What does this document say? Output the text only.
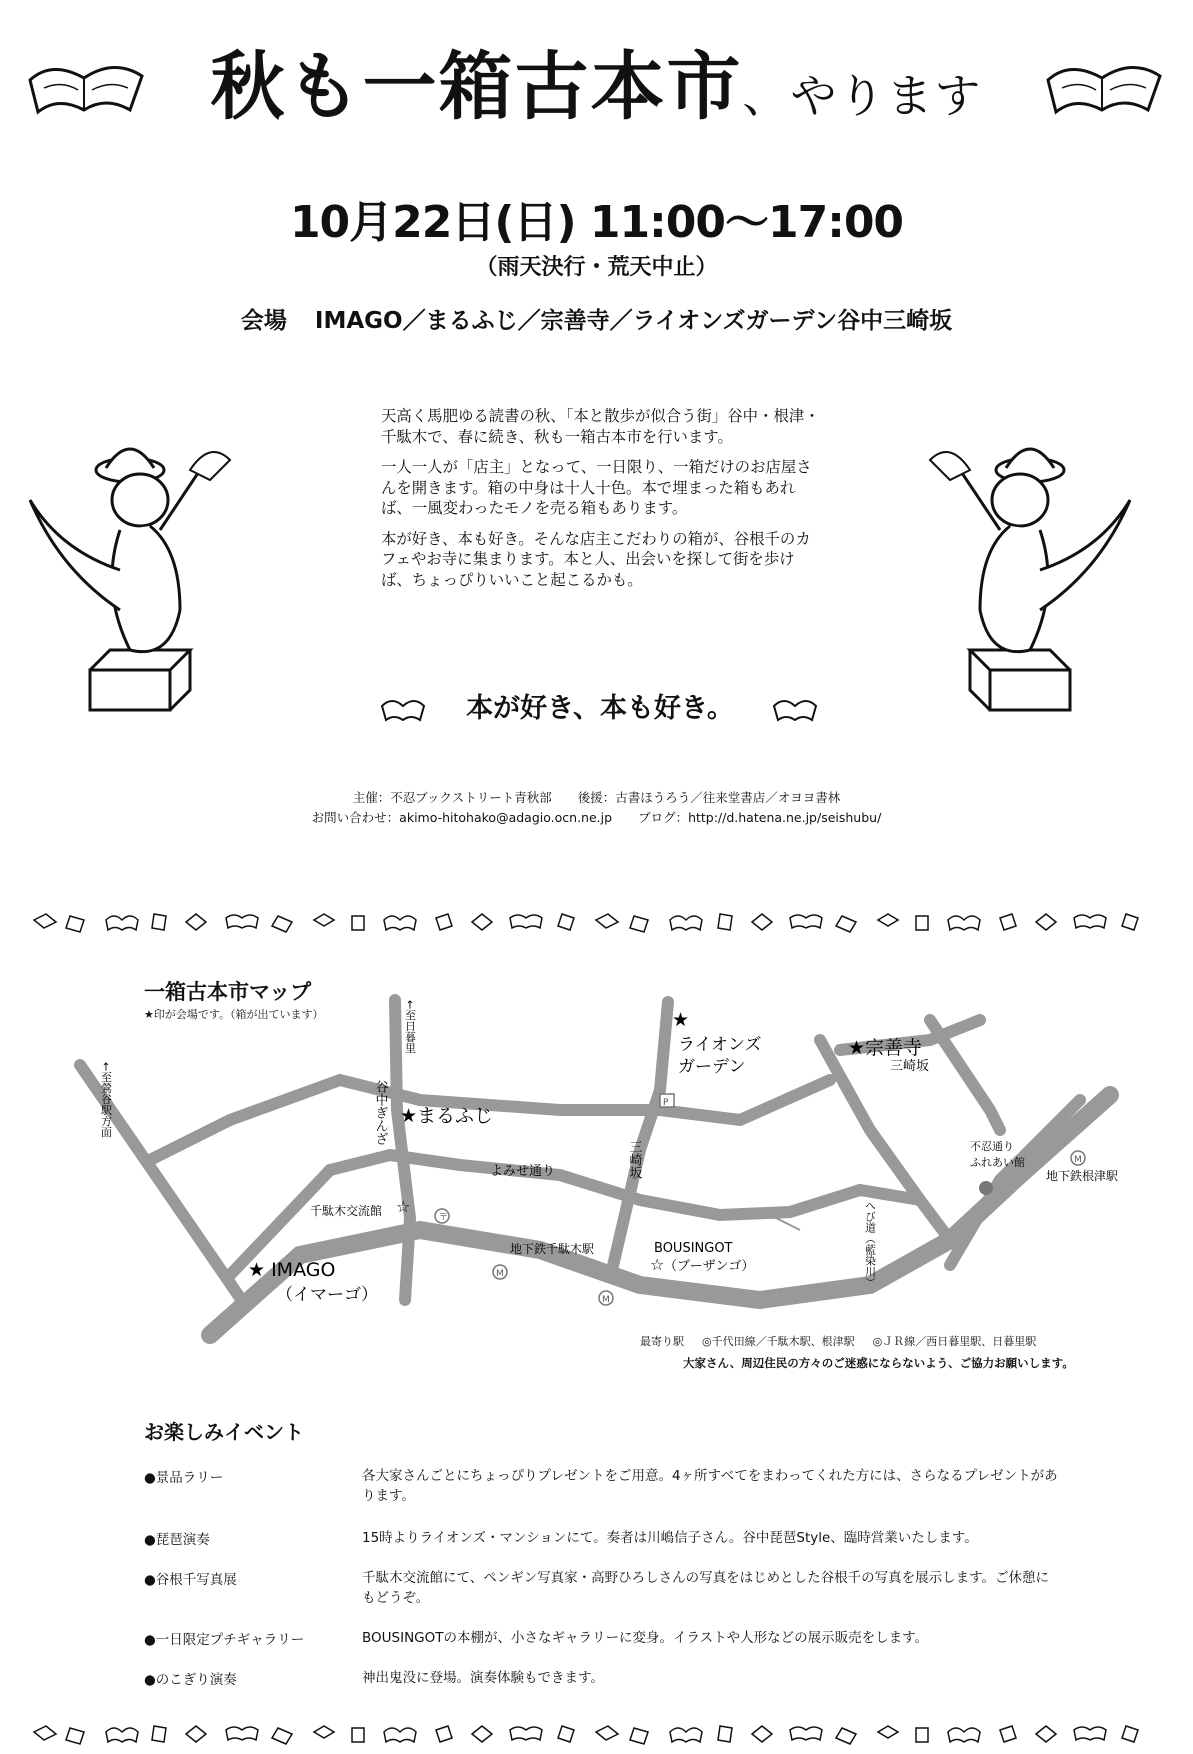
秋も一箱古本市、やります
10月22日(日) 11:00～17:00
（雨天決行・荒天中止）
会場 IMAGO／まるふじ／宗善寺／ライオンズガーデン谷中三崎坂

天高く馬肥ゆる読書の秋、「本と散歩が似合う街」谷中・根津・千駄木で、春に続き、秋も一箱古本市を行います。

一人一人が「店主」となって、一日限り、一箱だけのお店屋さんを開きます。箱の中身は十人十色。本で埋まった箱もあれば、一風変わったモノを売る箱もあります。

本が好き、本も好き。そんな店主こだわりの箱が、谷根千のカフェやお寺に集まります。本と人、出会いを探して街を歩けば、ちょっぴりいいこと起こるかも。

本が好き、本も好き。
主催：不忍ブックストリート青秋部 後援：古書ほうろう／往来堂書店／オヨヨ書林
お問い合わせ：akimo-hitohako@adagio.ocn.ne.jp ブログ：http://d.hatena.ne.jp/seishubu/
一箱古本市マップ
★印が会場です。（箱が出ています）	←至日暮里
←至鶯谷駅方面	谷中ぎんざ
よみせ通り	三崎坂
三崎坂
地下鉄千駄木駅
地下鉄根津駅
へび道（藍染川）
★まるふじ
★ IMAGO
（イマーゴ）
★
ライオンズ
ガーデン
★宗善寺
千駄木交流館 ☆
BOUSINGOT
☆ （ブーザンゴ）
不忍通り
ふれあい館
M
M
M
〒
P
最寄り駅 ◎千代田線／千駄木駅、根津駅 ◎ＪＲ線／西日暮里駅、日暮里駅
大家さん、周辺住民の方々のご迷惑にならないよう、ご協力お願いします。
お楽しみイベント
● 景品ラリー	各大家さんごとにちょっぴりプレゼントをご用意。4ヶ所すべてをまわってくれた方には、さらなるプレゼントがあります。
● 琵琶演奏	15時よりライオンズ・マンションにて。奏者は川嶋信子さん。谷中琵琶Style、臨時営業いたします。
● 谷根千写真展	千駄木交流館にて、ペンギン写真家・高野ひろしさんの写真をはじめとした谷根千の写真を展示します。ご休憩にもどうぞ。
● 一日限定プチギャラリー	BOUSINGOTの本棚が、小さなギャラリーに変身。イラストや人形などの展示販売をします。
● のこぎり演奏	神出鬼没に登場。演奏体験もできます。
